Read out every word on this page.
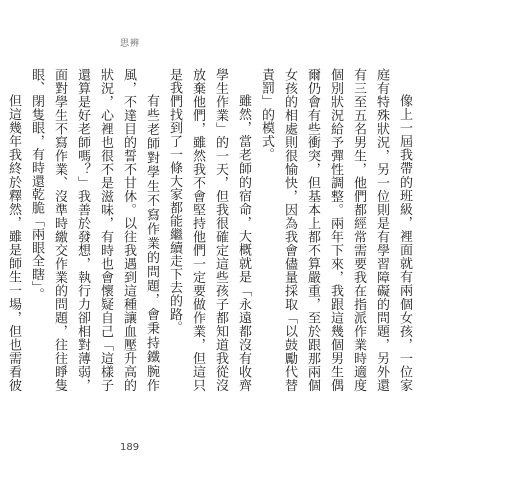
思辨

像上一屆我帶的班級，裡面就有兩個女孩，一位家庭有特殊狀況，另一位則是有學習障礙的問題，另外還有三至五名男生，他們都經常需要我在指派作業時適度個別狀況給予彈性調整。兩年下來，我跟這幾個男生偶爾仍會有些衝突，但基本上都不算嚴重，至於跟那兩個女孩的相處則很愉快，因為我會儘量採取「以鼓勵代替責罰」的模式。

雖然，當老師的宿命，大概就是「永遠都沒有收齊學生作業」的一天，但我很確定這些孩子都知道我從沒放棄他們，雖然我不會堅持他們一定要做作業，但這只是我們找到了一條大家都能繼續走下去的路。

有些老師對學生不寫作業的問題，會秉持鐵腕作風，不達目的誓不甘休。以往我遇到這種讓血壓升高的狀況，心裡也很不是滋味，有時也會懷疑自己「這樣子還算是好老師嗎？」我善於發想，執行力卻相對薄弱，面對學生不寫作業、沒準時繳交作業的問題，往往睜隻眼、閉隻眼，有時還乾脆「兩眼全瞎」。

但這幾年我終於釋然，雖是師生一場，但也需看彼

189
